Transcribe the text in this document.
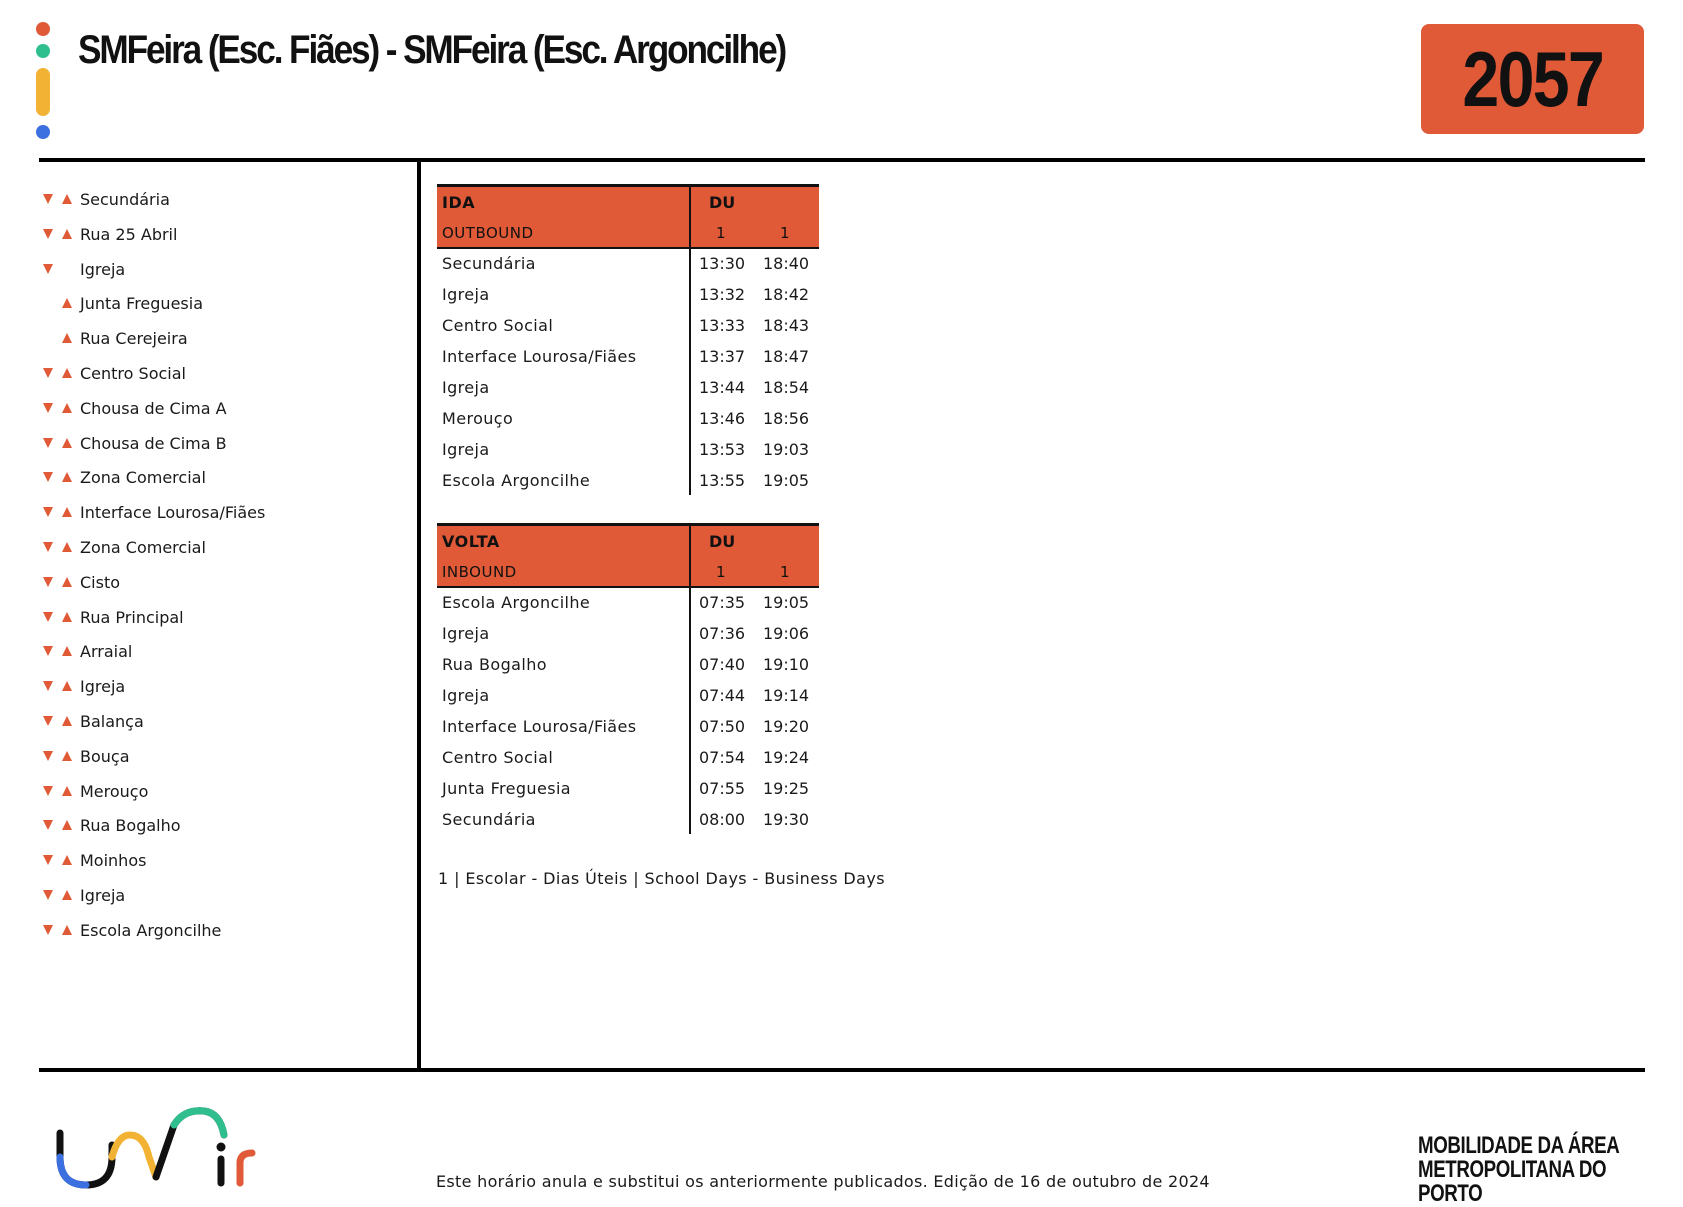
SMFeira (Esc. Fiães) - SMFeira (Esc. Argoncilhe)	2057
Secundária
Rua 25 Abril
Igreja
Junta Freguesia
Rua Cerejeira
Centro Social
Chousa de Cima A
Chousa de Cima B
Zona Comercial
Interface Lourosa/Fiães
Zona Comercial
Cisto
Rua Principal
Arraial
Igreja
Balança
Bouça
Merouço
Rua Bogalho
Moinhos
Igreja
Escola Argoncilhe
IDA
OUTBOUND
DU
1	1
Secundária	13:30 18:40
Igreja	13:32 18:42
Centro Social	13:33 18:43
Interface Lourosa/Fiães	13:37 18:47
Igreja	13:44 18:54
Merouço	13:46 18:56
Igreja	13:53 19:03
Escola Argoncilhe	13:55 19:05
VOLTA
INBOUND
DU
1	1
Escola Argoncilhe	07:35 19:05
Igreja	07:36 19:06
Rua Bogalho	07:40 19:10
Igreja	07:44 19:14
Interface Lourosa/Fiães	07:50 19:20
Centro Social	07:54 19:24
Junta Freguesia	07:55 19:25
Secundária	08:00 19:30
1 | Escolar - Dias Úteis | School Days - Business Days
Este horário anula e substitui os anteriormente publicados. Edição de 16 de outubro de 2024
MOBILIDADE DA ÁREA
METROPOLITANA DO PORTO
